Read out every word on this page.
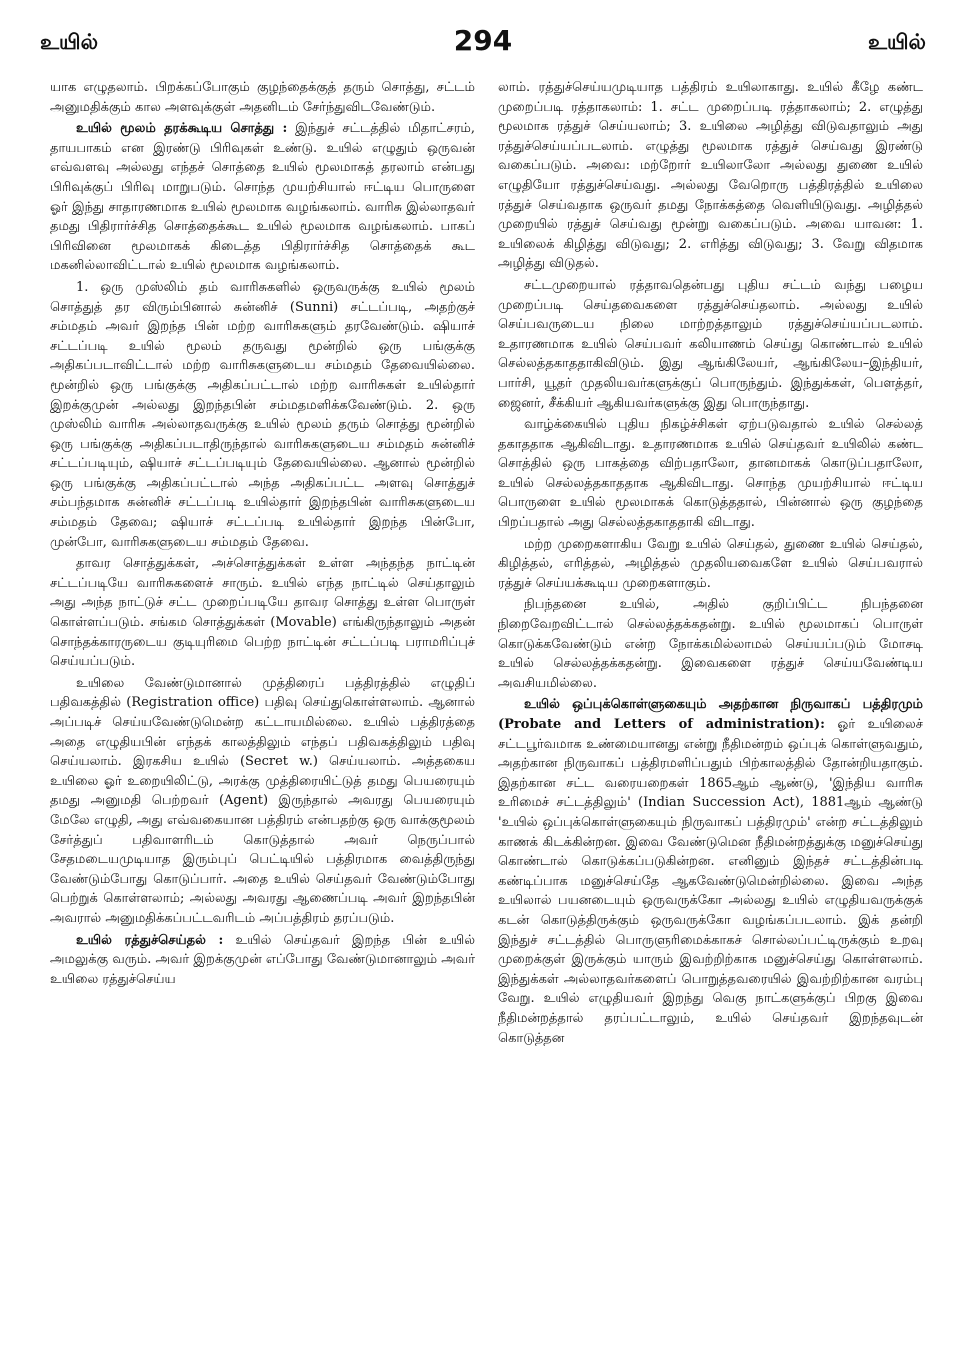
உயில்	294	உயில்

யாக எழுதலாம். பிறக்கப்போகும் குழந்தைக்குத் தரும் சொத்து, சட்டம் அனுமதிக்கும் கால அளவுக்குள் அதனிடம் சேர்ந்துவிடவேண்டும்.

உயில் மூலம் தரக்கூடிய சொத்து : இந்துச் சட்டத்தில் மிதாட்சரம், தாயபாகம் என இரண்டு பிரிவுகள் உண்டு. உயில் எழுதும் ஒருவன் எவ்வளவு அல்லது எந்தச் சொத்தை உயில் மூலமாகத் தரலாம் என்பது பிரிவுக்குப் பிரிவு மாறுபடும். சொந்த முயற்சியால் ஈட்டிய பொருளை ஓர் இந்து சாதாரணமாக உயில் மூலமாக வழங்கலாம். வாரிசு இல்லாதவர் தமது பிதிரார்ச்சித சொத்தைக்கூட உயில் மூலமாக வழங்கலாம். பாகப் பிரிவினை மூலமாகக் கிடைத்த பிதிரார்ச்சித சொத்தைக் கூட மகனில்லாவிட்டால் உயில் மூலமாக வழங்கலாம்.

1. ஒரு முஸ்லிம் தம் வாரிசுகளில் ஒருவருக்கு உயில் மூலம் சொத்துத் தர விரும்பினால் சுன்னிச் (Sunni) சட்டப்படி, அதற்குச் சம்மதம் அவர் இறந்த பின் மற்ற வாரிசுகளும் தரவேண்டும். ஷியாச் சட்டப்படி உயில் மூலம் தருவது மூன்றில் ஒரு பங்குக்கு அதிகப்படாவிட்டால் மற்ற வாரிசுகளுடைய சம்மதம் தேவையில்லை. மூன்றில் ஒரு பங்குக்கு அதிகப்பட்டால் மற்ற வாரிசுகள் உயில்தார் இறக்குமுன் அல்லது இறந்தபின் சம்மதமளிக்கவேண்டும். 2. ஒரு முஸ்லிம் வாரிசு அல்லாதவருக்கு உயில் மூலம் தரும் சொத்து மூன்றில் ஒரு பங்குக்கு அதிகப்படாதிருந்தால் வாரிசுகளுடைய சம்மதம் சுன்னிச் சட்டப்படியும், ஷியாச் சட்டப்படியும் தேவையில்லை. ஆனால் மூன்றில் ஒரு பங்குக்கு அதிகப்பட்டால் அந்த அதிகப்பட்ட அளவு சொத்துச் சம்பந்தமாக சுன்னிச் சட்டப்படி உயில்தார் இறந்தபின் வாரிசுகளுடைய சம்மதம் தேவை; ஷியாச் சட்டப்படி உயில்தார் இறந்த பின்போ, முன்போ, வாரிசுகளுடைய சம்மதம் தேவை.

தாவர சொத்துக்கள், அச்சொத்துக்கள் உள்ள அந்தந்த நாட்டின் சட்டப்படியே வாரிசுகளைச் சாரும். உயில் எந்த நாட்டில் செய்தாலும் அது அந்த நாட்டுச் சட்ட முறைப்படியே தாவர சொத்து உள்ள பொருள் கொள்ளப்படும். சங்கம சொத்துக்கள் (Movable) எங்கிருந்தாலும் அதன் சொந்தக்காரருடைய குடியுரிமை பெற்ற நாட்டின் சட்டப்படி பராமரிப்புச் செய்யப்படும்.

உயிலை வேண்டுமானால் முத்திரைப் பத்திரத்தில் எழுதிப் பதிவகத்தில் (Registration office) பதிவு செய்துகொள்ளலாம். ஆனால் அப்படிச் செய்யவேண்டுமென்ற கட்டாயமில்லை. உயில் பத்திரத்தை அதை எழுதியபின் எந்தக் காலத்திலும் எந்தப் பதிவகத்திலும் பதிவு செய்யலாம். இரகசிய உயில் (Secret w.) செய்யலாம். அத்தகைய உயிலை ஓர் உறையிலிட்டு, அரக்கு முத்திரையிட்டுத் தமது பெயரையும் தமது அனுமதி பெற்றவர் (Agent) இருந்தால் அவரது பெயரையும் மேலே எழுதி, அது எவ்வகையான பத்திரம் என்பதற்கு ஒரு வாக்குமூலம் சேர்த்துப் பதிவாளரிடம் கொடுத்தால் அவர் நெருப்பால் சேதமடையமுடியாத இரும்புப் பெட்டியில் பத்திரமாக வைத்திருந்து வேண்டும்போது கொடுப்பார். அதை உயில் செய்தவர் வேண்டும்போது பெற்றுக் கொள்ளலாம்; அல்லது அவரது ஆணைப்படி அவர் இறந்தபின் அவரால் அனுமதிக்கப்பட்டவரிடம் அப்பத்திரம் தரப்படும்.

உயில் ரத்துச்செய்தல் : உயில் செய்தவர் இறந்த பின் உயில் அமலுக்கு வரும். அவர் இறக்குமுன் எப்போது வேண்டுமானாலும் அவர் உயிலை ரத்துச்செய்ய

லாம். ரத்துச்செய்யமுடியாத பத்திரம் உயிலாகாது. உயில் கீழே கண்ட முறைப்படி ரத்தாகலாம்: 1. சட்ட முறைப்படி ரத்தாகலாம்; 2. எழுத்து மூலமாக ரத்துச் செய்யலாம்; 3. உயிலை அழித்து விடுவதாலும் அது ரத்துச்செய்யப்படலாம். எழுத்து மூலமாக ரத்துச் செய்வது இரண்டு வகைப்படும். அவை: மற்றோர் உயிலாலோ அல்லது துணை உயில் எழுதியோ ரத்துச்செய்வது. அல்லது வேறொரு பத்திரத்தில் உயிலை ரத்துச் செய்வதாக ஒருவர் தமது நோக்கத்தை வெளியிடுவது. அழித்தல் முறையில் ரத்துச் செய்வது மூன்று வகைப்படும். அவை யாவன: 1. உயிலைக் கிழித்து விடுவது; 2. எரித்து விடுவது; 3. வேறு விதமாக அழித்து விடுதல்.

சட்டமுறையால் ரத்தாவதென்பது புதிய சட்டம் வந்து பழைய முறைப்படி செய்தவைகளை ரத்துச்செய்தலாம். அல்லது உயில் செய்பவருடைய நிலை மாற்றத்தாலும் ரத்துச்செய்யப்படலாம். உதாரணமாக உயில் செய்பவர் கலியாணம் செய்து கொண்டால் உயில் செல்லத்தகாததாகிவிடும். இது ஆங்கிலேயர், ஆங்கிலேய–இந்தியர், பார்சி, யூதர் முதலியவர்களுக்குப் பொருந்தும். இந்துக்கள், பௌத்தர், ஜைனர், சீக்கியர் ஆகியவர்களுக்கு இது பொருந்தாது.

வாழ்க்கையில் புதிய நிகழ்ச்சிகள் ஏற்படுவதால் உயில் செல்லத் தகாததாக ஆகிவிடாது. உதாரணமாக உயில் செய்தவர் உயிலில் கண்ட சொத்தில் ஒரு பாகத்தை விற்பதாலோ, தானமாகக் கொடுப்பதாலோ, உயில் செல்லத்தகாததாக ஆகிவிடாது. சொந்த முயற்சியால் ஈட்டிய பொருளை உயில் மூலமாகக் கொடுத்ததால், பின்னால் ஒரு குழந்தை பிறப்பதால் அது செல்லத்தகாததாகி விடாது.

மற்ற முறைகளாகிய வேறு உயில் செய்தல், துணை உயில் செய்தல், கிழித்தல், எரித்தல், அழித்தல் முதலியவைகளே உயில் செய்பவரால் ரத்துச் செய்யக்கூடிய முறைகளாகும்.

நிபந்தனை உயில், அதில் குறிப்பிட்ட நிபந்தனை நிறைவேறவிட்டால் செல்லத்தக்கதன்று. உயில் மூலமாகப் பொருள் கொடுக்கவேண்டும் என்ற நோக்கமில்லாமல் செய்யப்படும் மோசடி உயில் செல்லத்தக்கதன்று. இவைகளை ரத்துச் செய்யவேண்டிய அவசியமில்லை.

உயில் ஒப்புக்கொள்ளுகையும் அதற்கான நிருவாகப் பத்திரமும் (Probate and Letters of administration): ஓர் உயிலைச் சட்டபூர்வமாக உண்மையானது என்று நீதிமன்றம் ஒப்புக் கொள்ளுவதும், அதற்கான நிருவாகப் பத்திரமளிப்பதும் பிற்காலத்தில் தோன்றியதாகும். இதற்கான சட்ட வரையறைகள் 1865ஆம் ஆண்டு, 'இந்திய வாரிசு உரிமைச் சட்டத்திலும்' (Indian Succession Act), 1881ஆம் ஆண்டு 'உயில் ஒப்புக்கொள்ளுகையும் நிருவாகப் பத்திரமும்' என்ற சட்டத்திலும் காணக் கிடக்கின்றன. இவை வேண்டுமென நீதிமன்றத்துக்கு மனுச்செய்து கொண்டால் கொடுக்கப்படுகின்றன. எனினும் இந்தச் சட்டத்தின்படி கண்டிப்பாக மனுச்செய்தே ஆகவேண்டுமென்றில்லை. இவை அந்த உயிலால் பயனடையும் ஒருவருக்கோ அல்லது உயில் எழுதியவருக்குக் கடன் கொடுத்திருக்கும் ஒருவருக்கோ வழங்கப்படலாம். இக் தன்றி இந்துச் சட்டத்தில் பொருளுரிமைக்காகச் சொல்லப்பட்டிருக்கும் உறவு முறைக்குள் இருக்கும் யாரும் இவற்றிற்காக மனுச்செய்து கொள்ளலாம். இந்துக்கள் அல்லாதவர்களைப் பொறுத்தவரையில் இவற்றிற்கான வரம்பு வேறு. உயில் எழுதியவர் இறந்து வெகு நாட்களுக்குப் பிறகு இவை நீதிமன்றத்தால் தரப்பட்டாலும், உயில் செய்தவர் இறந்தவுடன் கொடுத்தன
